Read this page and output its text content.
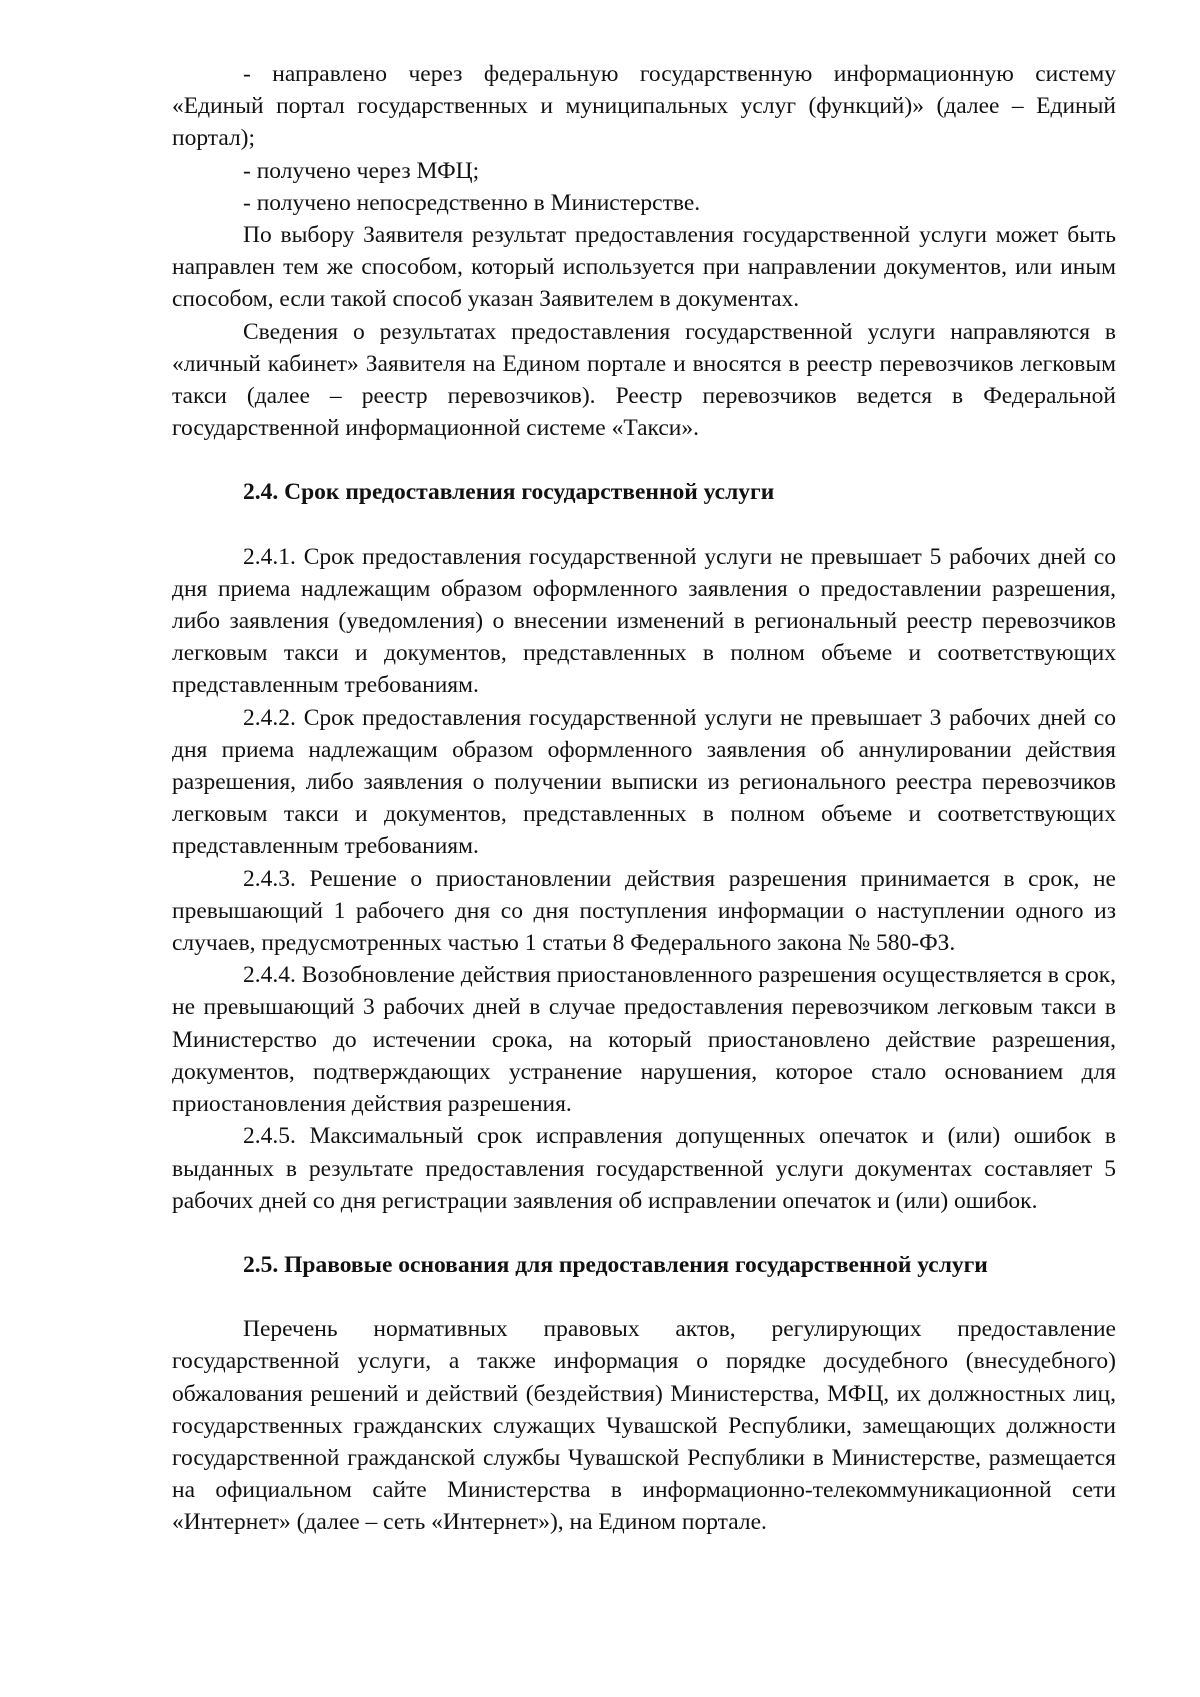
- направлено через федеральную государственную информационную систему «Единый портал государственных и муниципальных услуг (функций)» (далее – Единый портал);

- получено через МФЦ;

- получено непосредственно в Министерстве.

По выбору Заявителя результат предоставления государственной услуги может быть направлен тем же способом, который используется при направлении документов, или иным способом, если такой способ указан Заявителем в документах.

Сведения о результатах предоставления государственной услуги направляются в «личный кабинет» Заявителя на Едином портале и вносятся в реестр перевозчиков легковым такси (далее – реестр перевозчиков). Реестр перевозчиков ведется в Федеральной государственной информационной системе «Такси».

2.4. Срок предоставления государственной услуги

2.4.1. Срок предоставления государственной услуги не превышает 5 рабочих дней со дня приема надлежащим образом оформленного заявления о предоставлении разрешения, либо заявления (уведомления) о внесении изменений в региональный реестр перевозчиков легковым такси и документов, представленных в полном объеме и соответствующих представленным требованиям.

2.4.2. Срок предоставления государственной услуги не превышает 3 рабочих дней со дня приема надлежащим образом оформленного заявления об аннулировании действия разрешения, либо заявления о получении выписки из регионального реестра перевозчиков легковым такси и документов, представленных в полном объеме и соответствующих представленным требованиям.

2.4.3. Решение о приостановлении действия разрешения принимается в срок, не превышающий 1 рабочего дня со дня поступления информации о наступлении одного из случаев, предусмотренных частью 1 статьи 8 Федерального закона № 580-ФЗ.

2.4.4. Возобновление действия приостановленного разрешения осуществляется в срок, не превышающий 3 рабочих дней в случае предоставления перевозчиком легковым такси в Министерство до истечении срока, на который приостановлено действие разрешения, документов, подтверждающих устранение нарушения, которое стало основанием для приостановления действия разрешения.

2.4.5. Максимальный срок исправления допущенных опечаток и (или) ошибок в выданных в результате предоставления государственной услуги документах составляет 5 рабочих дней со дня регистрации заявления об исправлении опечаток и (или) ошибок.

2.5. Правовые основания для предоставления государственной услуги

Перечень нормативных правовых актов, регулирующих предоставление государственной услуги, а также информация о порядке досудебного (внесудебного) обжалования решений и действий (бездействия) Министерства, МФЦ, их должностных лиц, государственных гражданских служащих Чувашской Республики, замещающих должности государственной гражданской службы Чувашской Республики в Министерстве, размещается на официальном сайте Министерства в информационно-телекоммуникационной сети «Интернет» (далее – сеть «Интернет»), на Едином портале.
